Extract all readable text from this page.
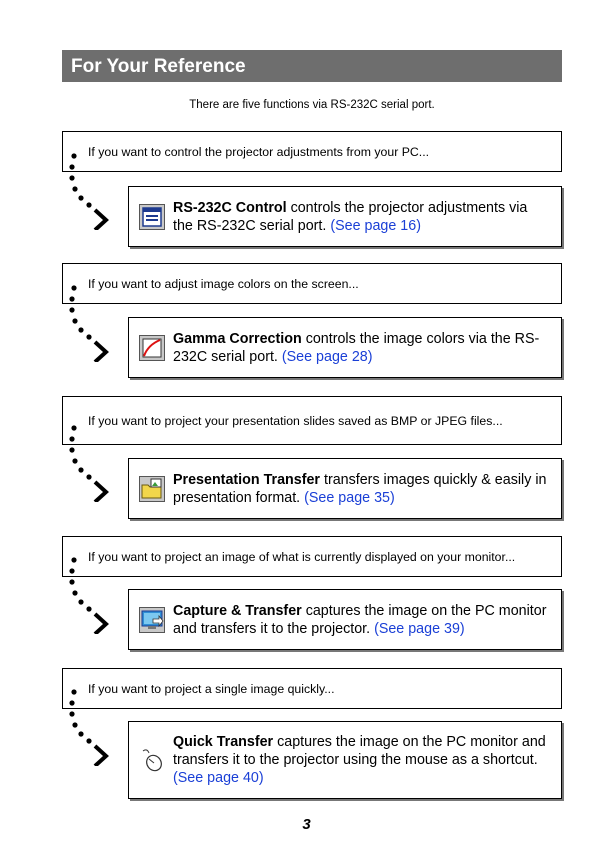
For Your Reference
There are five functions via RS-232C serial port.
If you want to control the projector adjustments from your PC...
RS-232C Control controls the projector adjustments via the RS-232C serial port. (See page 16)
If you want to adjust image colors on the screen...
Gamma Correction controls the image colors via the RS-232C serial port. (See page 28)
If you want to project your presentation slides saved as BMP or JPEG files...
Presentation Transfer transfers images quickly & easily in presentation format. (See page 35)
If you want to project an image of what is currently displayed on your monitor...
Capture & Transfer captures the image on the PC monitor and transfers it to the projector. (See page 39)
If you want to project a single image quickly...
Quick Transfer captures the image on the PC monitor and transfers it to the projector using the mouse as a shortcut. (See page 40)
3
